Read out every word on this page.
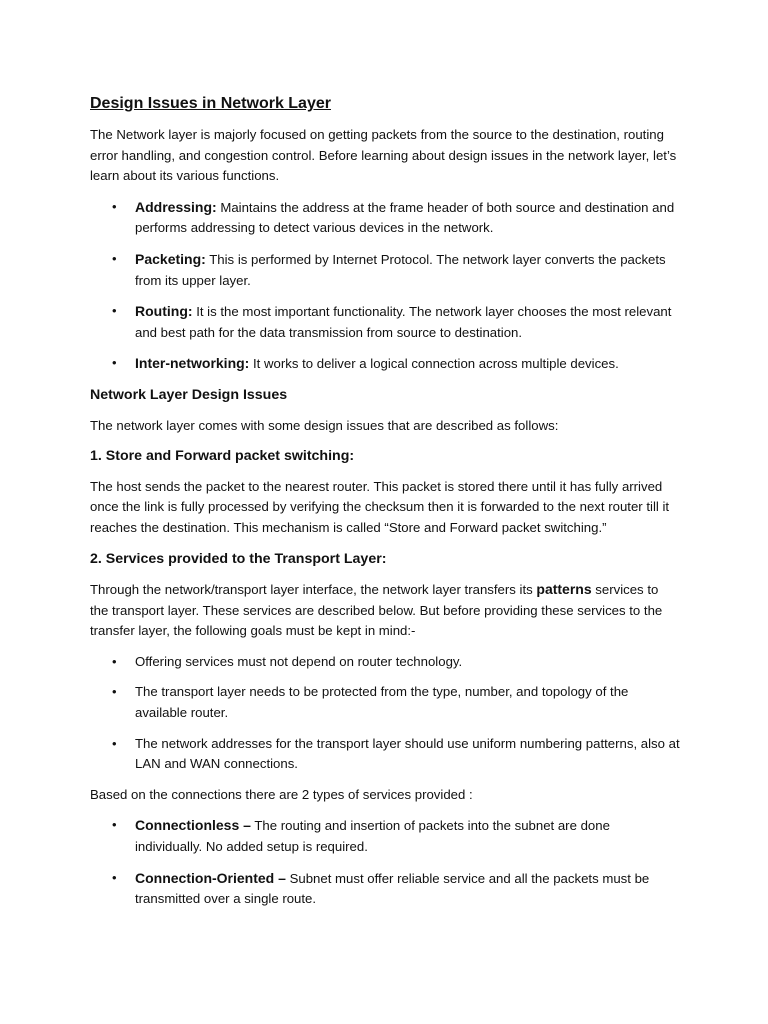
Design Issues in Network Layer

The Network layer is majorly focused on getting packets from the source to the destination, routing error handling, and congestion control. Before learning about design issues in the network layer, let’s learn about its various functions.

• Addressing: Maintains the address at the frame header of both source and destination and performs addressing to detect various devices in the network.
• Packeting: This is performed by Internet Protocol. The network layer converts the packets from its upper layer.
• Routing: It is the most important functionality. The network layer chooses the most relevant and best path for the data transmission from source to destination.
• Inter-networking: It works to deliver a logical connection across multiple devices.
Network Layer Design Issues

The network layer comes with some design issues that are described as follows:

1. Store and Forward packet switching:

The host sends the packet to the nearest router. This packet is stored there until it has fully arrived once the link is fully processed by verifying the checksum then it is forwarded to the next router till it reaches the destination. This mechanism is called “Store and Forward packet switching.”

2. Services provided to the Transport Layer:

Through the network/transport layer interface, the network layer transfers its patterns services to the transport layer. These services are described below. But before providing these services to the transfer layer, the following goals must be kept in mind:-

• Offering services must not depend on router technology.
• The transport layer needs to be protected from the type, number, and topology of the available router.
• The network addresses for the transport layer should use uniform numbering patterns, also at LAN and WAN connections.

Based on the connections there are 2 types of services provided :

• Connectionless – The routing and insertion of packets into the subnet are done individually. No added setup is required.
• Connection-Oriented – Subnet must offer reliable service and all the packets must be transmitted over a single route.
